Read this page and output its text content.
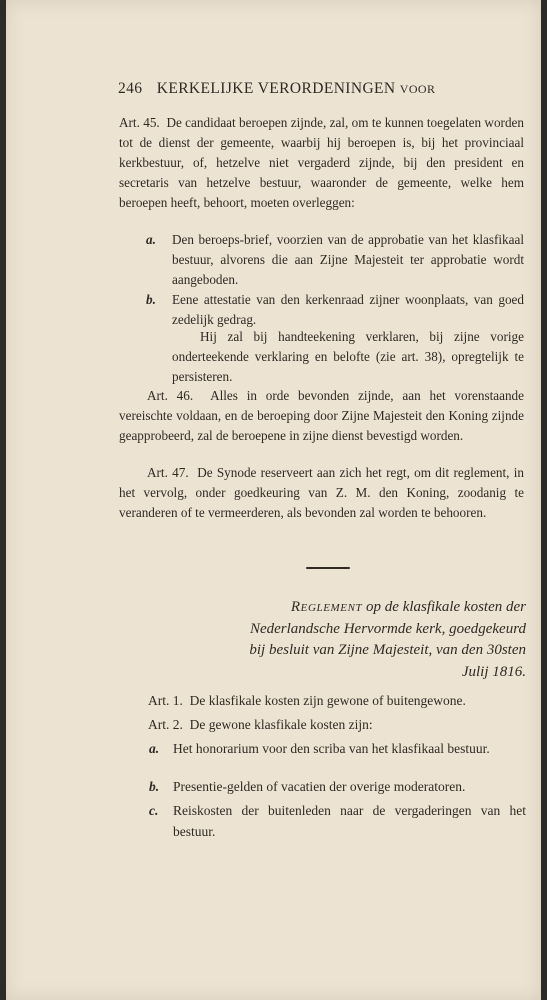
246 KERKELIJKE VERORDENINGEN VOOR
Art. 45. De candidaat beroepen zijnde, zal, om te kunnen toegelaten worden tot de dienst der gemeente, waarbij hij beroepen is, bij het provinciaal kerkbestuur, of, hetzelve niet vergaderd zijnde, bij den president en secretaris van hetzelve bestuur, waaronder de gemeente, welke hem beroepen heeft, behoort, moeten overleggen:
a. Den beroeps-brief, voorzien van de approbatie van het klasfikaal bestuur, alvorens die aan Zijne Majesteit ter approbatie wordt aangeboden.
b. Eene attestatie van den kerkenraad zijner woonplaats, van goed zedelijk gedrag.
Hij zal bij handteekening verklaren, bij zijne vorige onderteekende verklaring en belofte (zie art. 38), opregtelijk te persisteren.
Art. 46. Alles in orde bevonden zijnde, aan het vorenstaande vereischte voldaan, en de beroeping door Zijne Majesteit den Koning zijnde geapprobeerd, zal de beroepene in zijne dienst bevestigd worden.
Art. 47. De Synode reserveert aan zich het regt, om dit reglement, in het vervolg, onder goedkeuring van Z. M. den Koning, zoodanig te veranderen of te vermeerderen, als bevonden zal worden te behooren.
Reglement op de klasfikale kosten der Nederlandsche Hervormde kerk, goedgekeurd bij besluit van Zijne Majesteit, van den 30sten Julij 1816.
Art. 1. De klasfikale kosten zijn gewone of buitengewone.
Art. 2. De gewone klasfikale kosten zijn:
a. Het honorarium voor den scriba van het klasfikaal bestuur.
b. Presentie-gelden of vacatien der overige moderatoren.
c. Reiskosten der buitenleden naar de vergaderingen van het bestuur.
